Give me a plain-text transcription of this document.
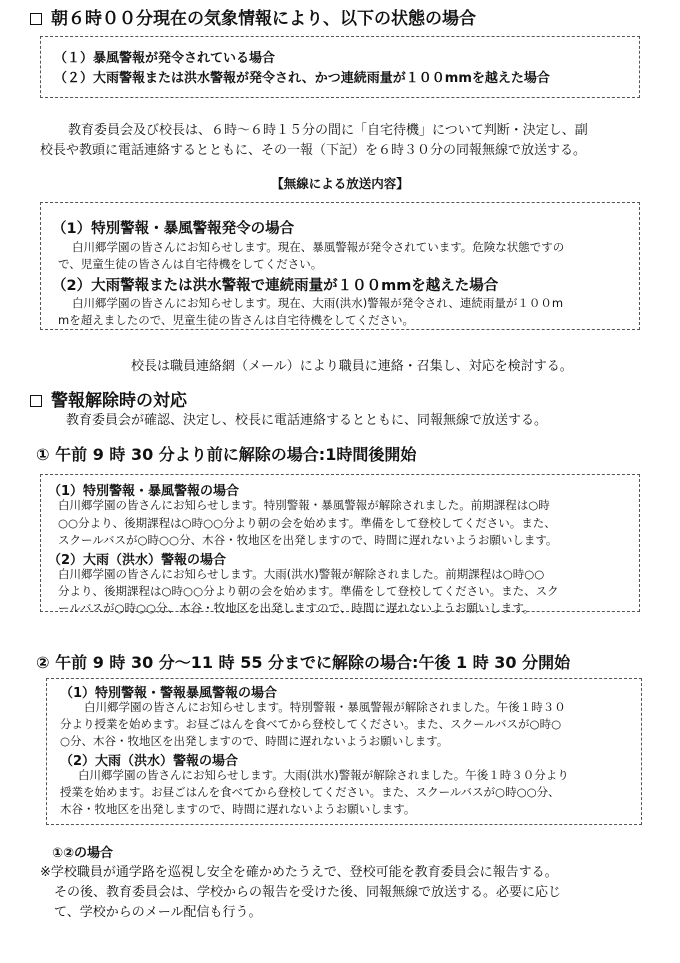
朝６時００分現在の気象情報により、以下の状態の場合
（１）暴風警報が発令されている場合
（２）大雨警報または洪水警報が発令され、かつ連続雨量が１００mmを越えた場合
教育委員会及び校長は、６時～６時１５分の間に「自宅待機」について判断・決定し、副
校長や教頭に電話連絡するとともに、その一報（下記）を６時３０分の同報無線で放送する。
【無線による放送内容】
（1）特別警報・暴風警報発令の場合
白川郷学園の皆さんにお知らせします。現在、暴風警報が発令されています。危険な状態ですの
で、児童生徒の皆さんは自宅待機をしてください。
（2）大雨警報または洪水警報で連続雨量が１００mmを越えた場合
白川郷学園の皆さんにお知らせします。現在、大雨(洪水)警報が発令され、連続雨量が１００m
mを超えましたので、児童生徒の皆さんは自宅待機をしてください。
校長は職員連絡網（メール）により職員に連絡・召集し、対応を検討する。
警報解除時の対応
教育委員会が確認、決定し、校長に電話連絡するとともに、同報無線で放送する。
① 午前 9 時 30 分より前に解除の場合:1時間後開始
（1）特別警報・暴風警報の場合
白川郷学園の皆さんにお知らせします。特別警報・暴風警報が解除されました。前期課程は○時
○○分より、後期課程は○時○○分より朝の会を始めます。準備をして登校してください。また、
スクールバスが○時○○分、木谷・牧地区を出発しますので、時間に遅れないようお願いします。
（2）大雨（洪水）警報の場合
白川郷学園の皆さんにお知らせします。大雨(洪水)警報が解除されました。前期課程は○時○○
分より、後期課程は○時○○分より朝の会を始めます。準備をして登校してください。また、スク
ールバスが○時○○分、木谷・牧地区を出発しますので、時間に遅れないようお願いします。
② 午前 9 時 30 分～11 時 55 分までに解除の場合:午後 1 時 30 分開始
（1）特別警報・警報暴風警報の場合
白川郷学園の皆さんにお知らせします。特別警報・暴風警報が解除されました。午後１時３０
分より授業を始めます。お昼ごはんを食べてから登校してください。また、スクールバスが○時○
○分、木谷・牧地区を出発しますので、時間に遅れないようお願いします。
（2）大雨（洪水）警報の場合
白川郷学園の皆さんにお知らせします。大雨(洪水)警報が解除されました。午後１時３０分より
授業を始めます。お昼ごはんを食べてから登校してください。また、スクールバスが○時○○分、
木谷・牧地区を出発しますので、時間に遅れないようお願いします。
①②の場合
※学校職員が通学路を巡視し安全を確かめたうえで、登校可能を教育委員会に報告する。
その後、教育委員会は、学校からの報告を受けた後、同報無線で放送する。必要に応じ
て、学校からのメール配信も行う。
